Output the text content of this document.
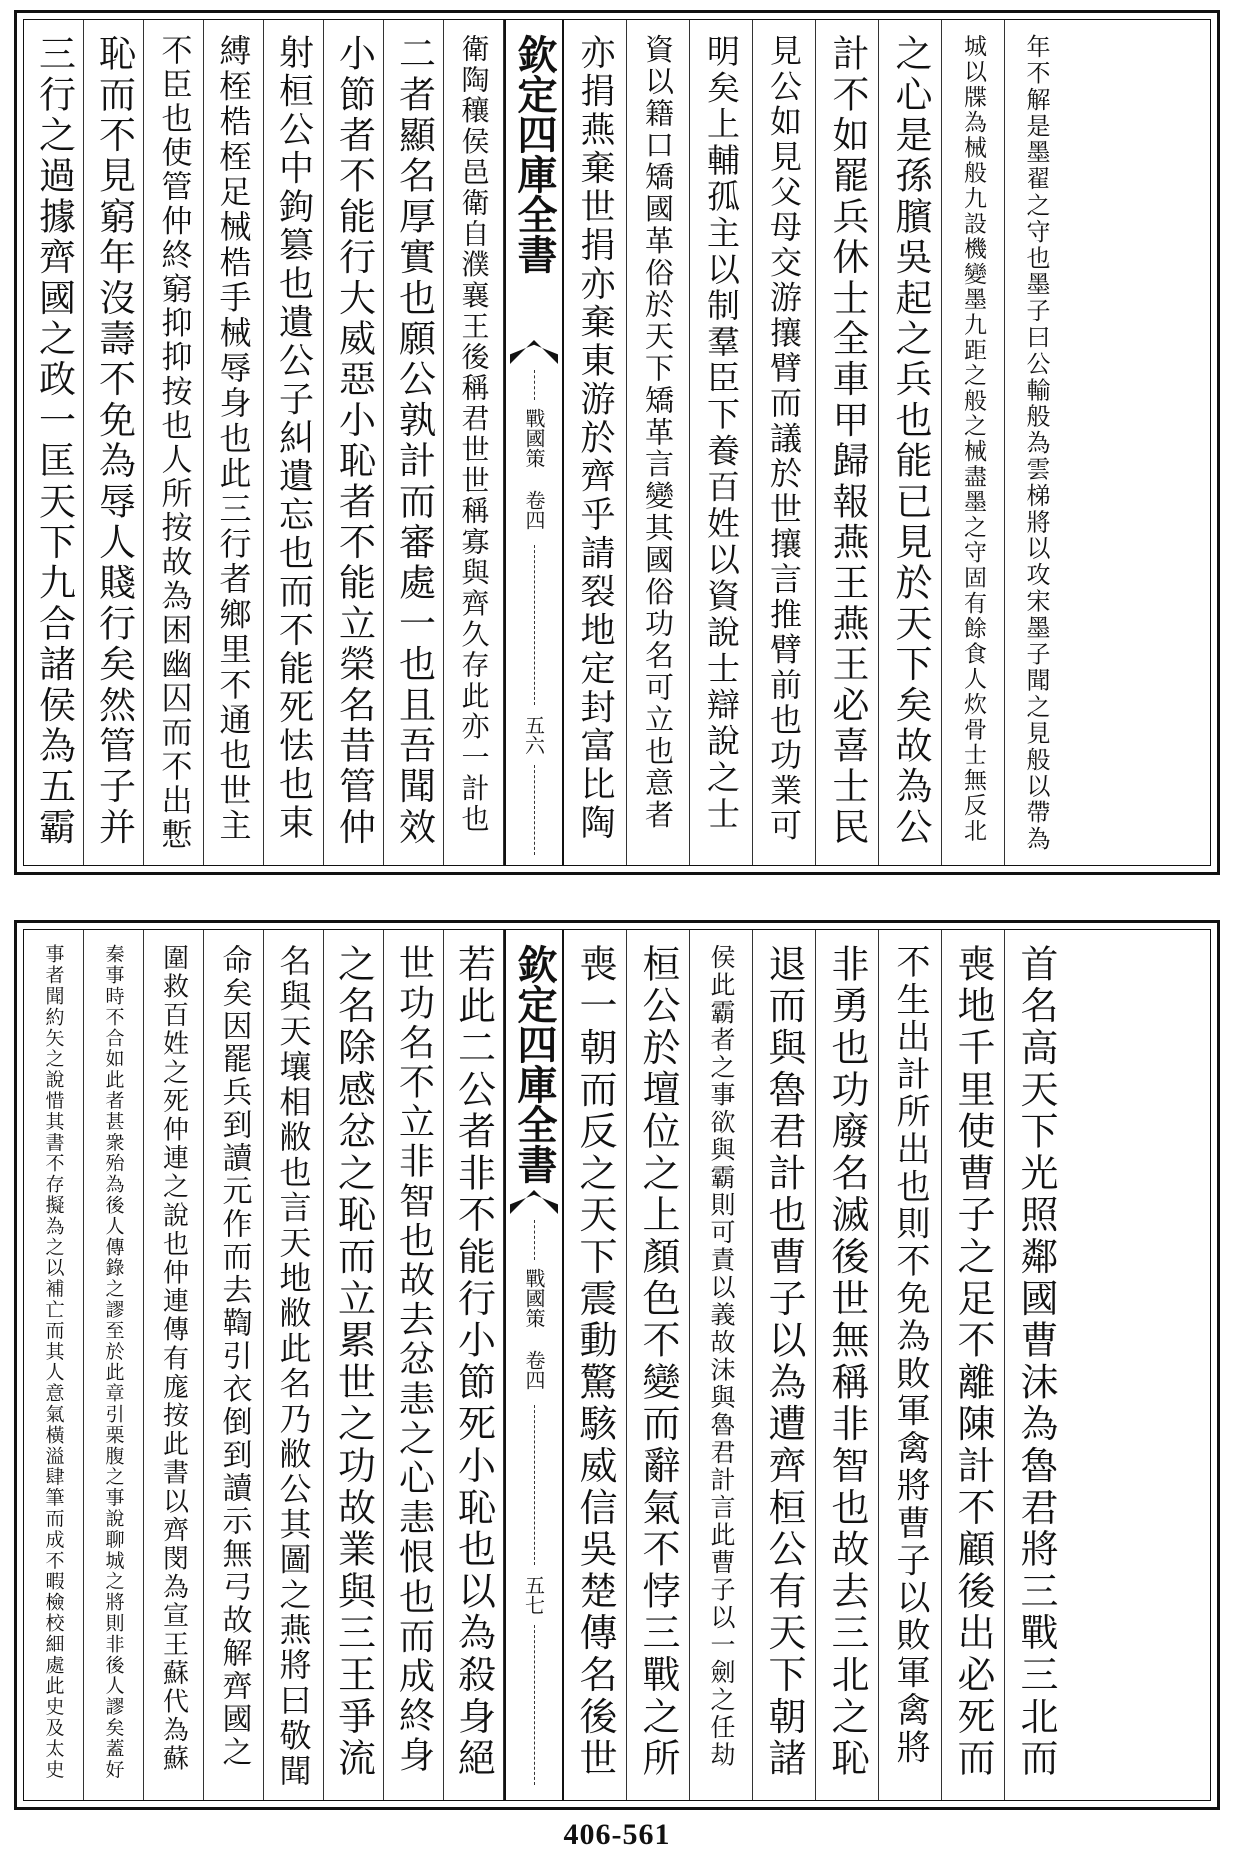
三行之過據齊國之政一匡天下九合諸侯為五霸 恥而不見窮年沒壽不免為辱人賤行矣然管子并 不臣也使管仲終窮抑抑按也人所按故為困幽囚而不出慙 縛桎梏桎足械梏手械辱身也此三行者鄉里不通也世主 射桓公中鉤篡也遺公子糾遺忘也而不能死怯也束 小節者不能行大威惡小恥者不能立榮名昔管仲 二者顯名厚實也願公孰計而審處一也且吾聞效 衛陶穰侯邑衛自濮襄王後稱君世世稱寡與齊久存此亦一計也 欽定四庫全書
戰國策
卷四
五六 亦捐燕棄世捐亦棄東游於齊乎請裂地定封富比陶 資以籍口矯國革俗於天下矯革言變其國俗功名可立也意者 明矣上輔孤主以制羣臣下養百姓以資說士辯說之士 見公如見父母交游攘臂而議於世攘言推臂前也功業可 計不如罷兵休士全車甲歸報燕王燕王必喜士民 之心是孫臏吳起之兵也能已見於天下矣故為公	城以牒為械般九設機變墨九距之般之械盡墨之守固有餘食人炊骨士無反北	年不解是墨翟之守也墨子曰公輸般為雲梯將以攻宋墨子聞之見般以帶為
事者聞約矢之說惜其書不存擬為之以補亡而其人意氣橫溢肆筆而成不暇檢校細處此史及太史 秦事時不合如此者甚衆殆為後人傳錄之謬至於此章引栗腹之事說聊城之將則非後人謬矣蓋好	圍救百姓之死仲連之說也仲連傳有庬按此書以齊閔為宣王蘇代為蘇 命矣因罷兵到讀元作而去鞫引衣倒到讀示無弓故解齊國之 名與天壤相敝也言天地敝此名乃敝公其圖之燕將曰敬聞 之名除感忿之恥而立累世之功故業與三王爭流 世功名不立非智也故去忿恚之心恚恨也而成終身 若此二公者非不能行小節死小恥也以為殺身絕 欽定四庫全書
戰國策
卷四
五七 喪一朝而反之天下震動驚駭威信吳楚傳名後世 桓公於壇位之上顏色不變而辭氣不悖三戰之所	侯此霸者之事欲與霸則可責以義故沫與魯君計言此曹子以一劍之任劫 退而與魯君計也曹子以為遭齊桓公有天下朝諸 非勇也功廢名滅後世無稱非智也故去三北之恥 不生出計所出也則不免為敗軍禽將曹子以敗軍禽將 喪地千里使曹子之足不離陳計不顧後出必死而 首名高天下光照鄰國曹沫為魯君將三戰三北而
406-561
